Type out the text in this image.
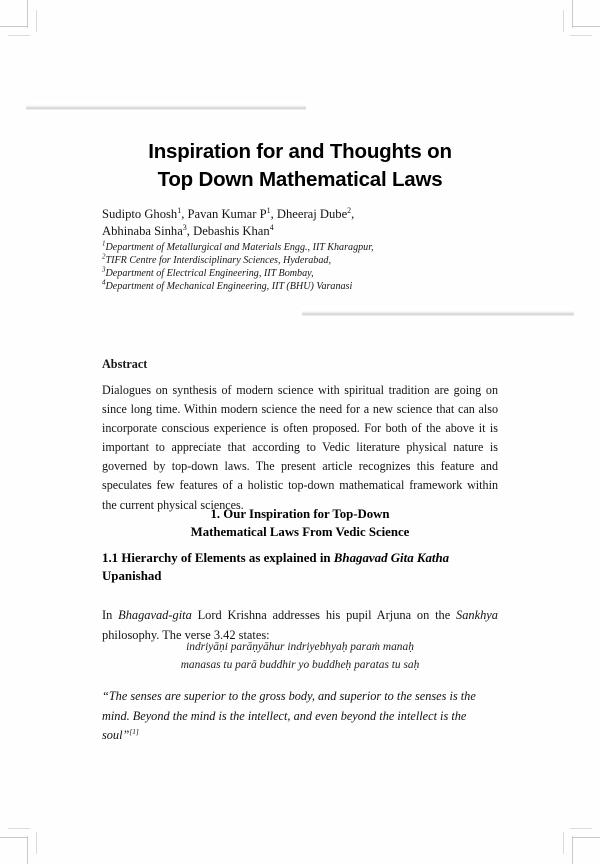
Inspiration for and Thoughts on
Top Down Mathematical Laws
Sudipto Ghosh$^1$, Pavan Kumar $P^1$, Dheeraj Dube$^2$,
Abhinaba Sinha$^3$, Debashis Khan$^4$
$^1$Department of Metallurgical and Materials Engg., IIT Kharagpur,
$^2$TIFR Centre for Interdisciplinary Sciences, Hyderabad,
$^3$Department of Electrical Engineering, IIT Bombay,
$^4$Department of Mechanical Engineering, IIT (BHU) Varanasi
Abstract
Dialogues on synthesis of modern science with spiritual tradition are going on since long time. Within modern science the need for a new science that can also incorporate conscious experience is often proposed. For both of the above it is important to appreciate that according to Vedic literature physical nature is governed by top-down laws. The present article recognizes this feature and speculates few features of a holistic top-down mathematical framework within the current physical sciences.
1. Our Inspiration for Top-Down
Mathematical Laws From Vedic Science
1.1 Hierarchy of Elements as explained in Bhagavad Gita Katha
Upanishad

In Bhagavad-gita Lord Krishna addresses his pupil Arjuna on the Sankhya philosophy. The verse 3.42 states:

indriyāṇi parāṇyāhur indriyebhyaḥ paraṁ manaḥ
manasas tu parā buddhir yo buddheḥ paratas tu saḥ
“The senses are superior to the gross body, and superior to the senses is the mind. Beyond the mind is the intellect, and even beyond the intellect is the soul”[1]
